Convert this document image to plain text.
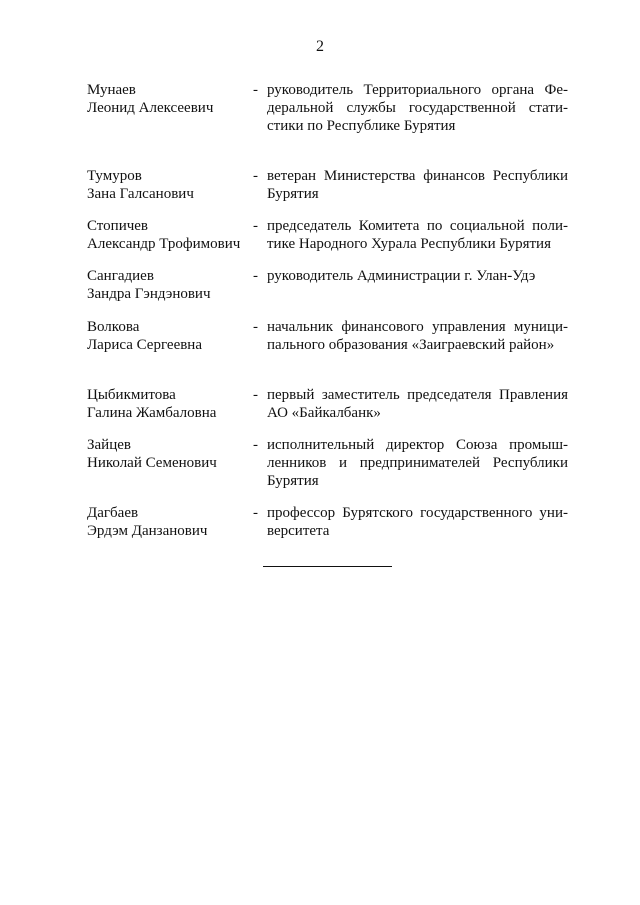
2
Мунаев
Леонид Алексеевич
- руководитель Территориального органа Федеральной службы государственной статистики по Республике Бурятия
Тумуров
Зана Галсанович
- ветеран Министерства финансов Республики Бурятия
Стопичев
Александр Трофимович
- председатель Комитета по социальной политике Народного Хурала Республики Бурятия
Сангадиев
Зандра Гэндэнович
- руководитель Администрации г. Улан-Удэ
Волкова
Лариса Сергеевна
- начальник финансового управления муниципального образования «Заиграевский район»
Цыбикмитова
Галина Жамбаловна
- первый заместитель председателя Правления АО «Байкалбанк»
Зайцев
Николай Семенович
- исполнительный директор Союза промышленников и предпринимателей Республики Бурятия
Дагбаев
Эрдэм Данзанович
- профессор Бурятского государственного университета
